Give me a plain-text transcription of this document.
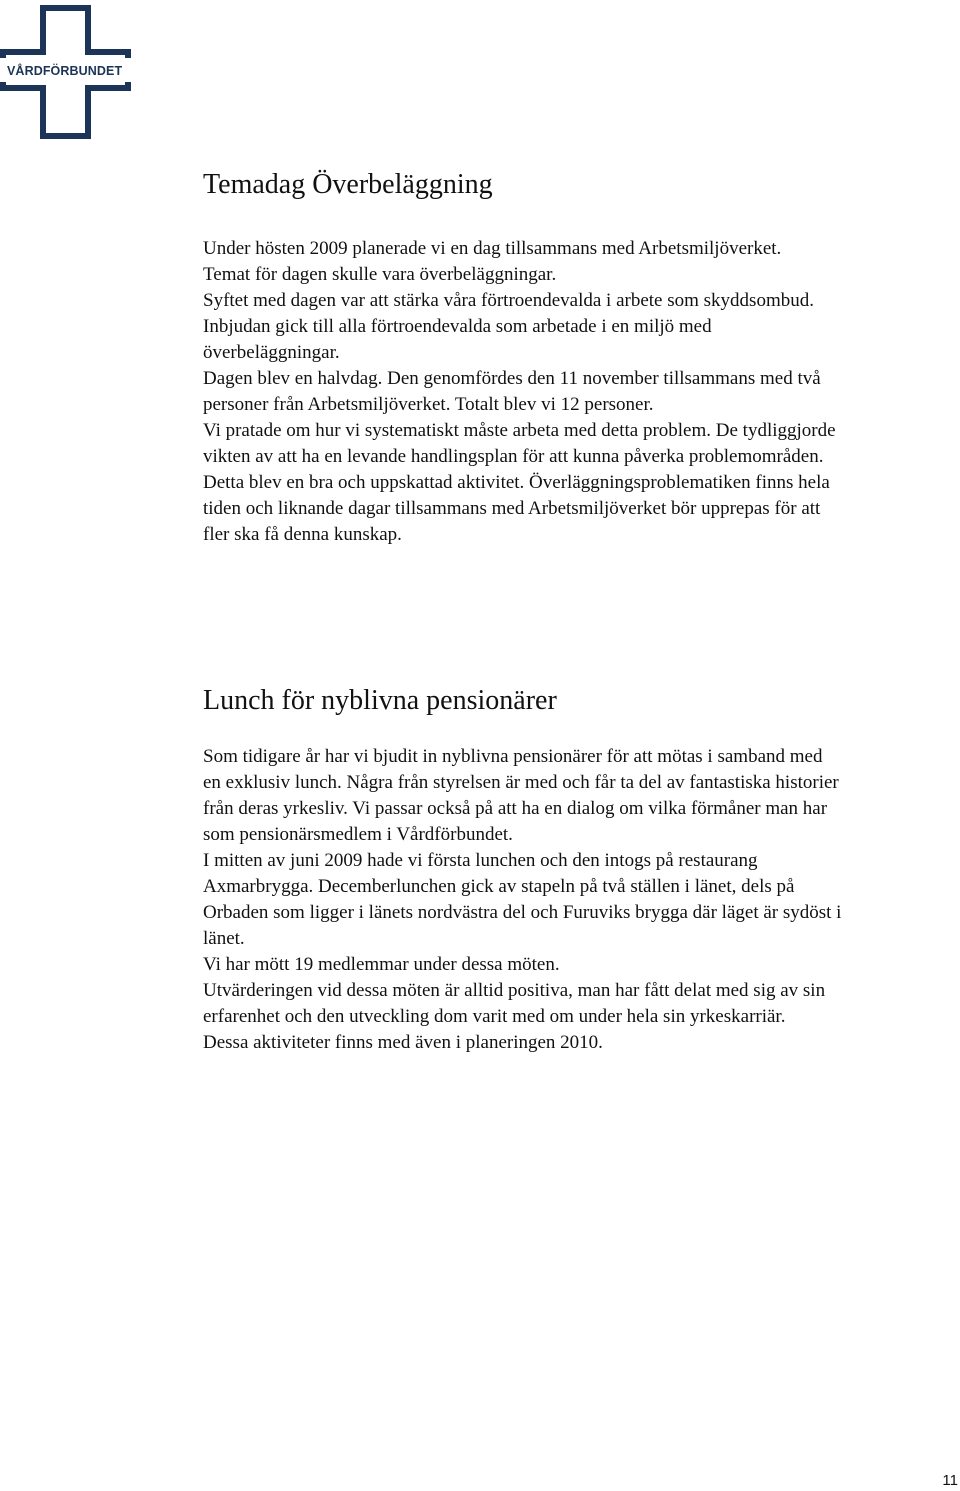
VÅRDFÖRBUNDET
Temadag Överbeläggning
Under hösten 2009 planerade vi en dag tillsammans med Arbetsmiljöverket.
Temat för dagen skulle vara överbeläggningar.
Syftet med dagen var att stärka våra förtroendevalda i arbete som skyddsombud.
Inbjudan gick till alla förtroendevalda som arbetade i en miljö med
överbeläggningar.
Dagen blev en halvdag. Den genomfördes den 11 november tillsammans med två
personer från Arbetsmiljöverket. Totalt blev vi 12 personer.
Vi pratade om hur vi systematiskt måste arbeta med detta problem. De tydliggjorde
vikten av att ha en levande handlingsplan för att kunna påverka problemområden.
Detta blev en bra och uppskattad aktivitet. Överläggningsproblematiken finns hela
tiden och liknande dagar tillsammans med Arbetsmiljöverket bör upprepas för att
fler ska få denna kunskap.
Lunch för nyblivna pensionärer
Som tidigare år har vi bjudit in nyblivna pensionärer för att mötas i samband med
en exklusiv lunch. Några från styrelsen är med och får ta del av fantastiska historier
från deras yrkesliv. Vi passar också på att ha en dialog om vilka förmåner man har
som pensionärsmedlem i Vårdförbundet.
I mitten av juni 2009 hade vi första lunchen och den intogs på restaurang
Axmarbrygga. Decemberlunchen gick av stapeln på två ställen i länet, dels på
Orbaden som ligger i länets nordvästra del och Furuviks brygga där läget är sydöst i
länet.
Vi har mött 19 medlemmar under dessa möten.
Utvärderingen vid dessa möten är alltid positiva, man har fått delat med sig av sin
erfarenhet och den utveckling dom varit med om under hela sin yrkeskarriär.
Dessa aktiviteter finns med även i planeringen 2010.
11
